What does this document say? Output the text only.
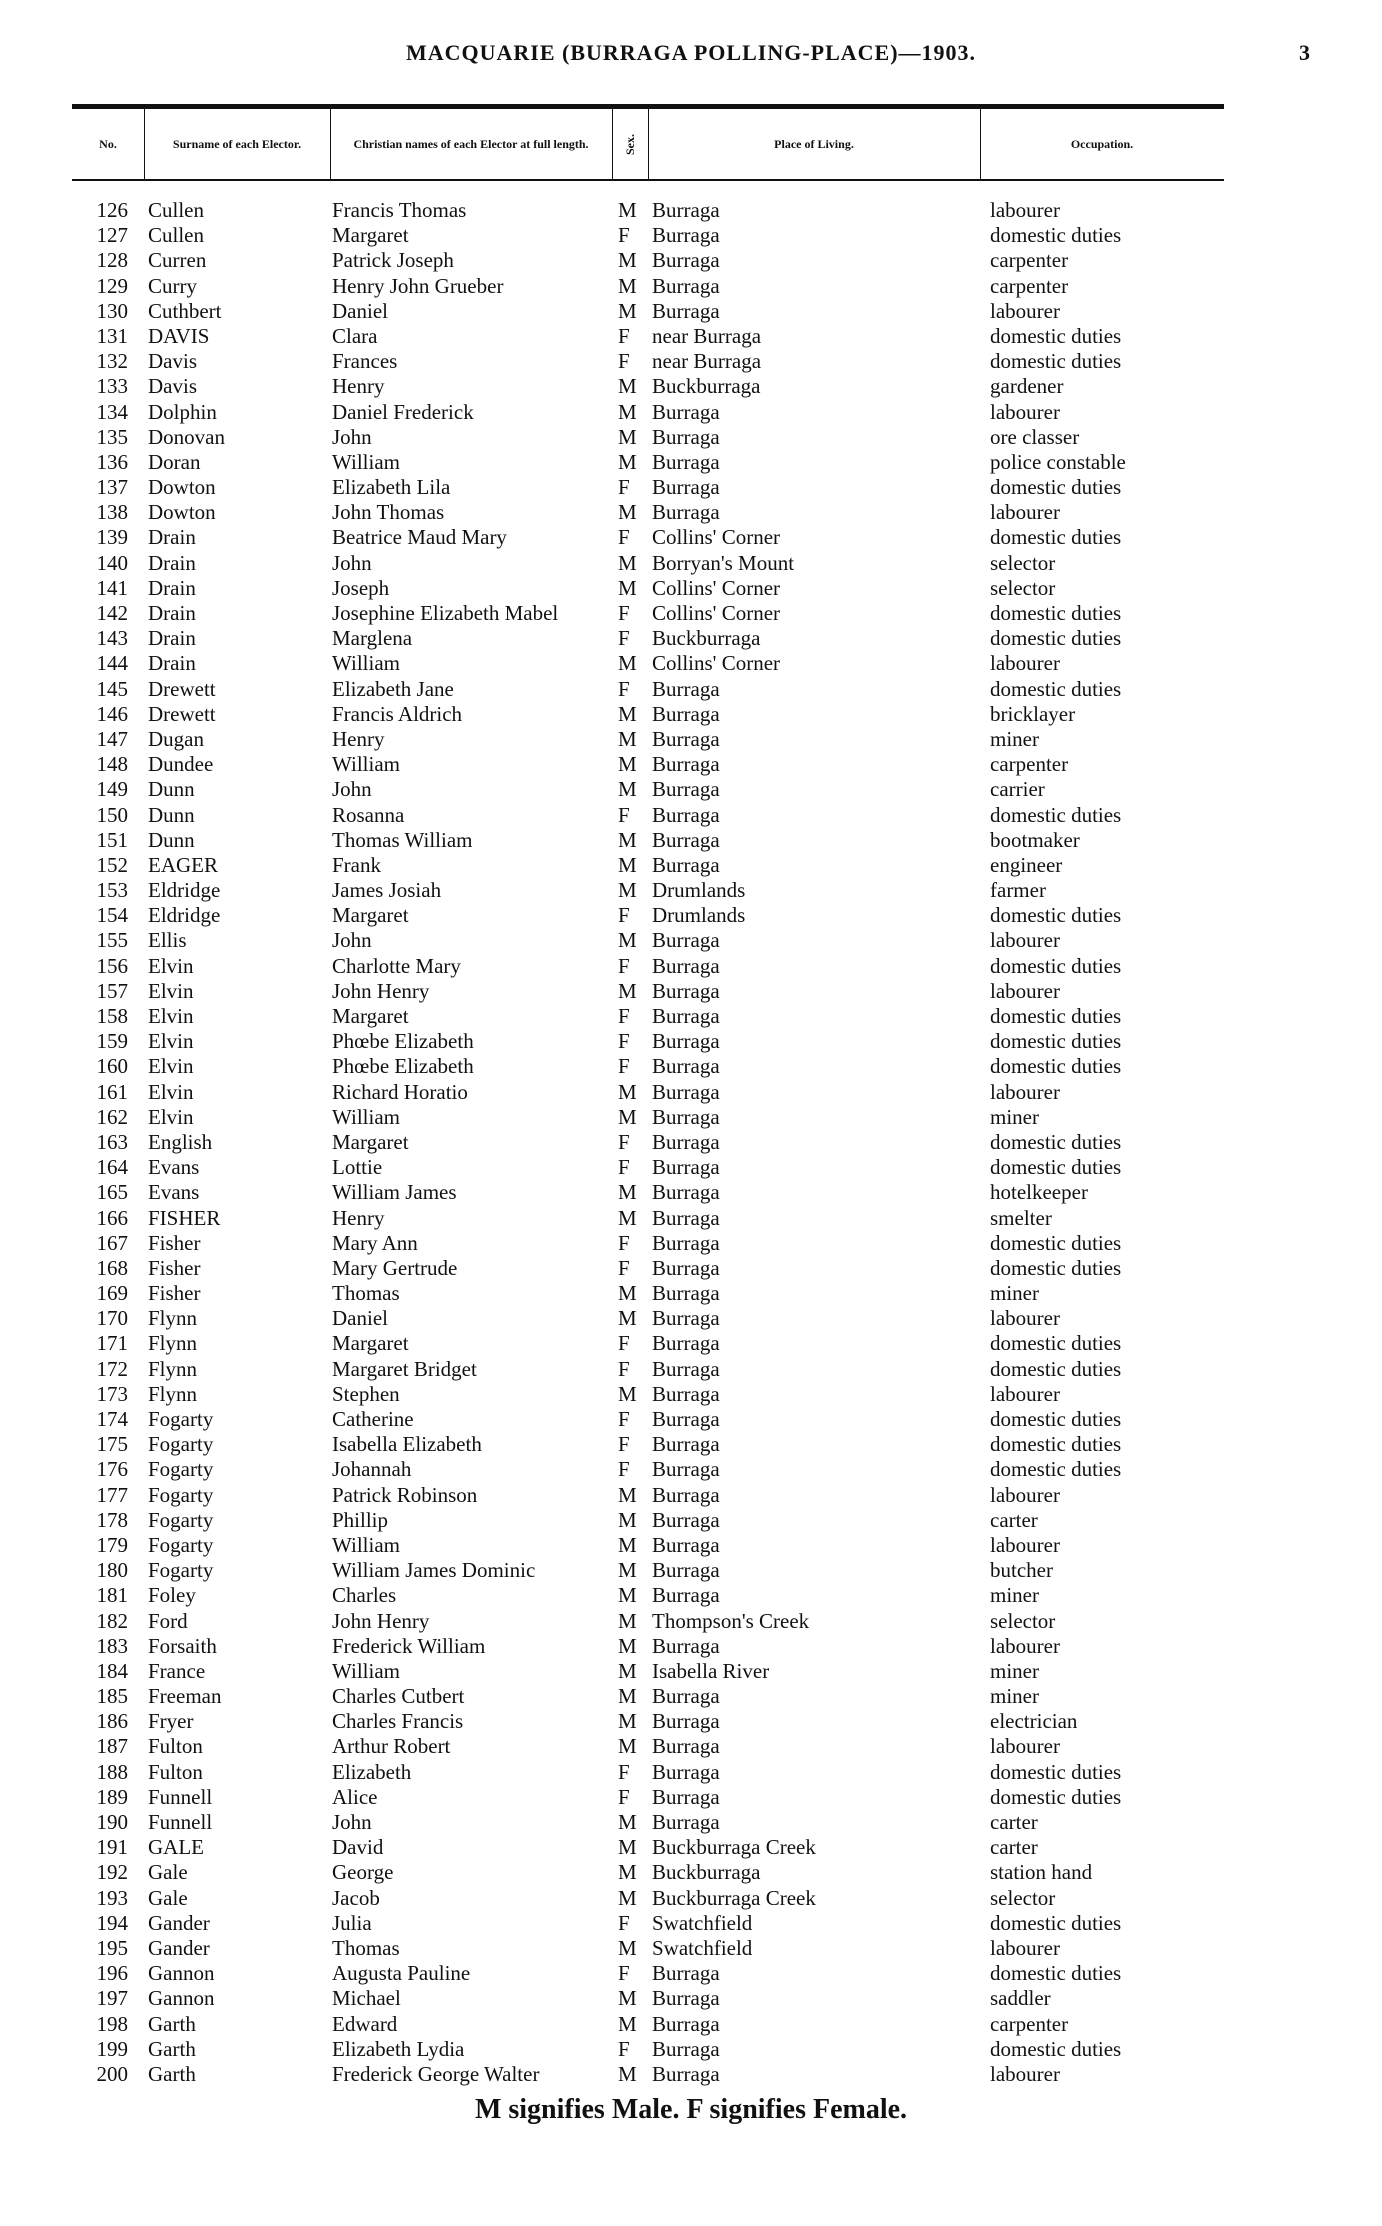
MACQUARIE (BURRAGA POLLING-PLACE)—1903.	3
No.	Surname of each Elector.	Christian names of each Elector at full length.	Sex.	Place of Living.	Occupation.
126 Cullen	Francis Thomas	M Burraga	labourer
127 Cullen	Margaret	F Burraga	domestic duties
128 Curren	Patrick Joseph	M Burraga	carpenter
129 Curry	Henry John Grueber	M Burraga	carpenter
130 Cuthbert	Daniel	M Burraga	labourer
131 DAVIS	Clara	F near Burraga	domestic duties
132 Davis	Frances	F near Burraga	domestic duties
133 Davis	Henry	M Buckburraga	gardener
134 Dolphin	Daniel Frederick	M Burraga	labourer
135 Donovan	John	M Burraga	ore classer
136 Doran	William	M Burraga	police constable
137 Dowton	Elizabeth Lila	F Burraga	domestic duties
138 Dowton	John Thomas	M Burraga	labourer
139 Drain	Beatrice Maud Mary	F Collins' Corner	domestic duties
140 Drain	John	M Borryan's Mount	selector
141 Drain	Joseph	M Collins' Corner	selector
142 Drain	Josephine Elizabeth Mabel	F Collins' Corner	domestic duties
143 Drain	Marglena	F Buckburraga	domestic duties
144 Drain	William	M Collins' Corner	labourer
145 Drewett	Elizabeth Jane	F Burraga	domestic duties
146 Drewett	Francis Aldrich	M Burraga	bricklayer
147 Dugan	Henry	M Burraga	miner
148 Dundee	William	M Burraga	carpenter
149 Dunn	John	M Burraga	carrier
150 Dunn	Rosanna	F Burraga	domestic duties
151 Dunn	Thomas William	M Burraga	bootmaker
152 EAGER	Frank	M Burraga	engineer
153 Eldridge	James Josiah	M Drumlands	farmer
154 Eldridge	Margaret	F Drumlands	domestic duties
155 Ellis	John	M Burraga	labourer
156 Elvin	Charlotte Mary	F Burraga	domestic duties
157 Elvin	John Henry	M Burraga	labourer
158 Elvin	Margaret	F Burraga	domestic duties
159 Elvin	Phœbe Elizabeth	F Burraga	domestic duties
160 Elvin	Phœbe Elizabeth	F Burraga	domestic duties
161 Elvin	Richard Horatio	M Burraga	labourer
162 Elvin	William	M Burraga	miner
163 English	Margaret	F Burraga	domestic duties
164 Evans	Lottie	F Burraga	domestic duties
165 Evans	William James	M Burraga	hotelkeeper
166 FISHER	Henry	M Burraga	smelter
167 Fisher	Mary Ann	F Burraga	domestic duties
168 Fisher	Mary Gertrude	F Burraga	domestic duties
169 Fisher	Thomas	M Burraga	miner
170 Flynn	Daniel	M Burraga	labourer
171 Flynn	Margaret	F Burraga	domestic duties
172 Flynn	Margaret Bridget	F Burraga	domestic duties
173 Flynn	Stephen	M Burraga	labourer
174 Fogarty	Catherine	F Burraga	domestic duties
175 Fogarty	Isabella Elizabeth	F Burraga	domestic duties
176 Fogarty	Johannah	F Burraga	domestic duties
177 Fogarty	Patrick Robinson	M Burraga	labourer
178 Fogarty	Phillip	M Burraga	carter
179 Fogarty	William	M Burraga	labourer
180 Fogarty	William James Dominic	M Burraga	butcher
181 Foley	Charles	M Burraga	miner
182 Ford	John Henry	M Thompson's Creek	selector
183 Forsaith	Frederick William	M Burraga	labourer
184 France	William	M Isabella River	miner
185 Freeman	Charles Cutbert	M Burraga	miner
186 Fryer	Charles Francis	M Burraga	electrician
187 Fulton	Arthur Robert	M Burraga	labourer
188 Fulton	Elizabeth	F Burraga	domestic duties
189 Funnell	Alice	F Burraga	domestic duties
190 Funnell	John	M Burraga	carter
191 GALE	David	M Buckburraga Creek	carter
192 Gale	George	M Buckburraga	station hand
193 Gale	Jacob	M Buckburraga Creek	selector
194 Gander	Julia	F Swatchfield	domestic duties
195 Gander	Thomas	M Swatchfield	labourer
196 Gannon	Augusta Pauline	F Burraga	domestic duties
197 Gannon	Michael	M Burraga	saddler
198 Garth	Edward	M Burraga	carpenter
199 Garth	Elizabeth Lydia	F Burraga	domestic duties
200 Garth	Frederick George Walter	M Burraga	labourer
M signifies Male. F signifies Female.
